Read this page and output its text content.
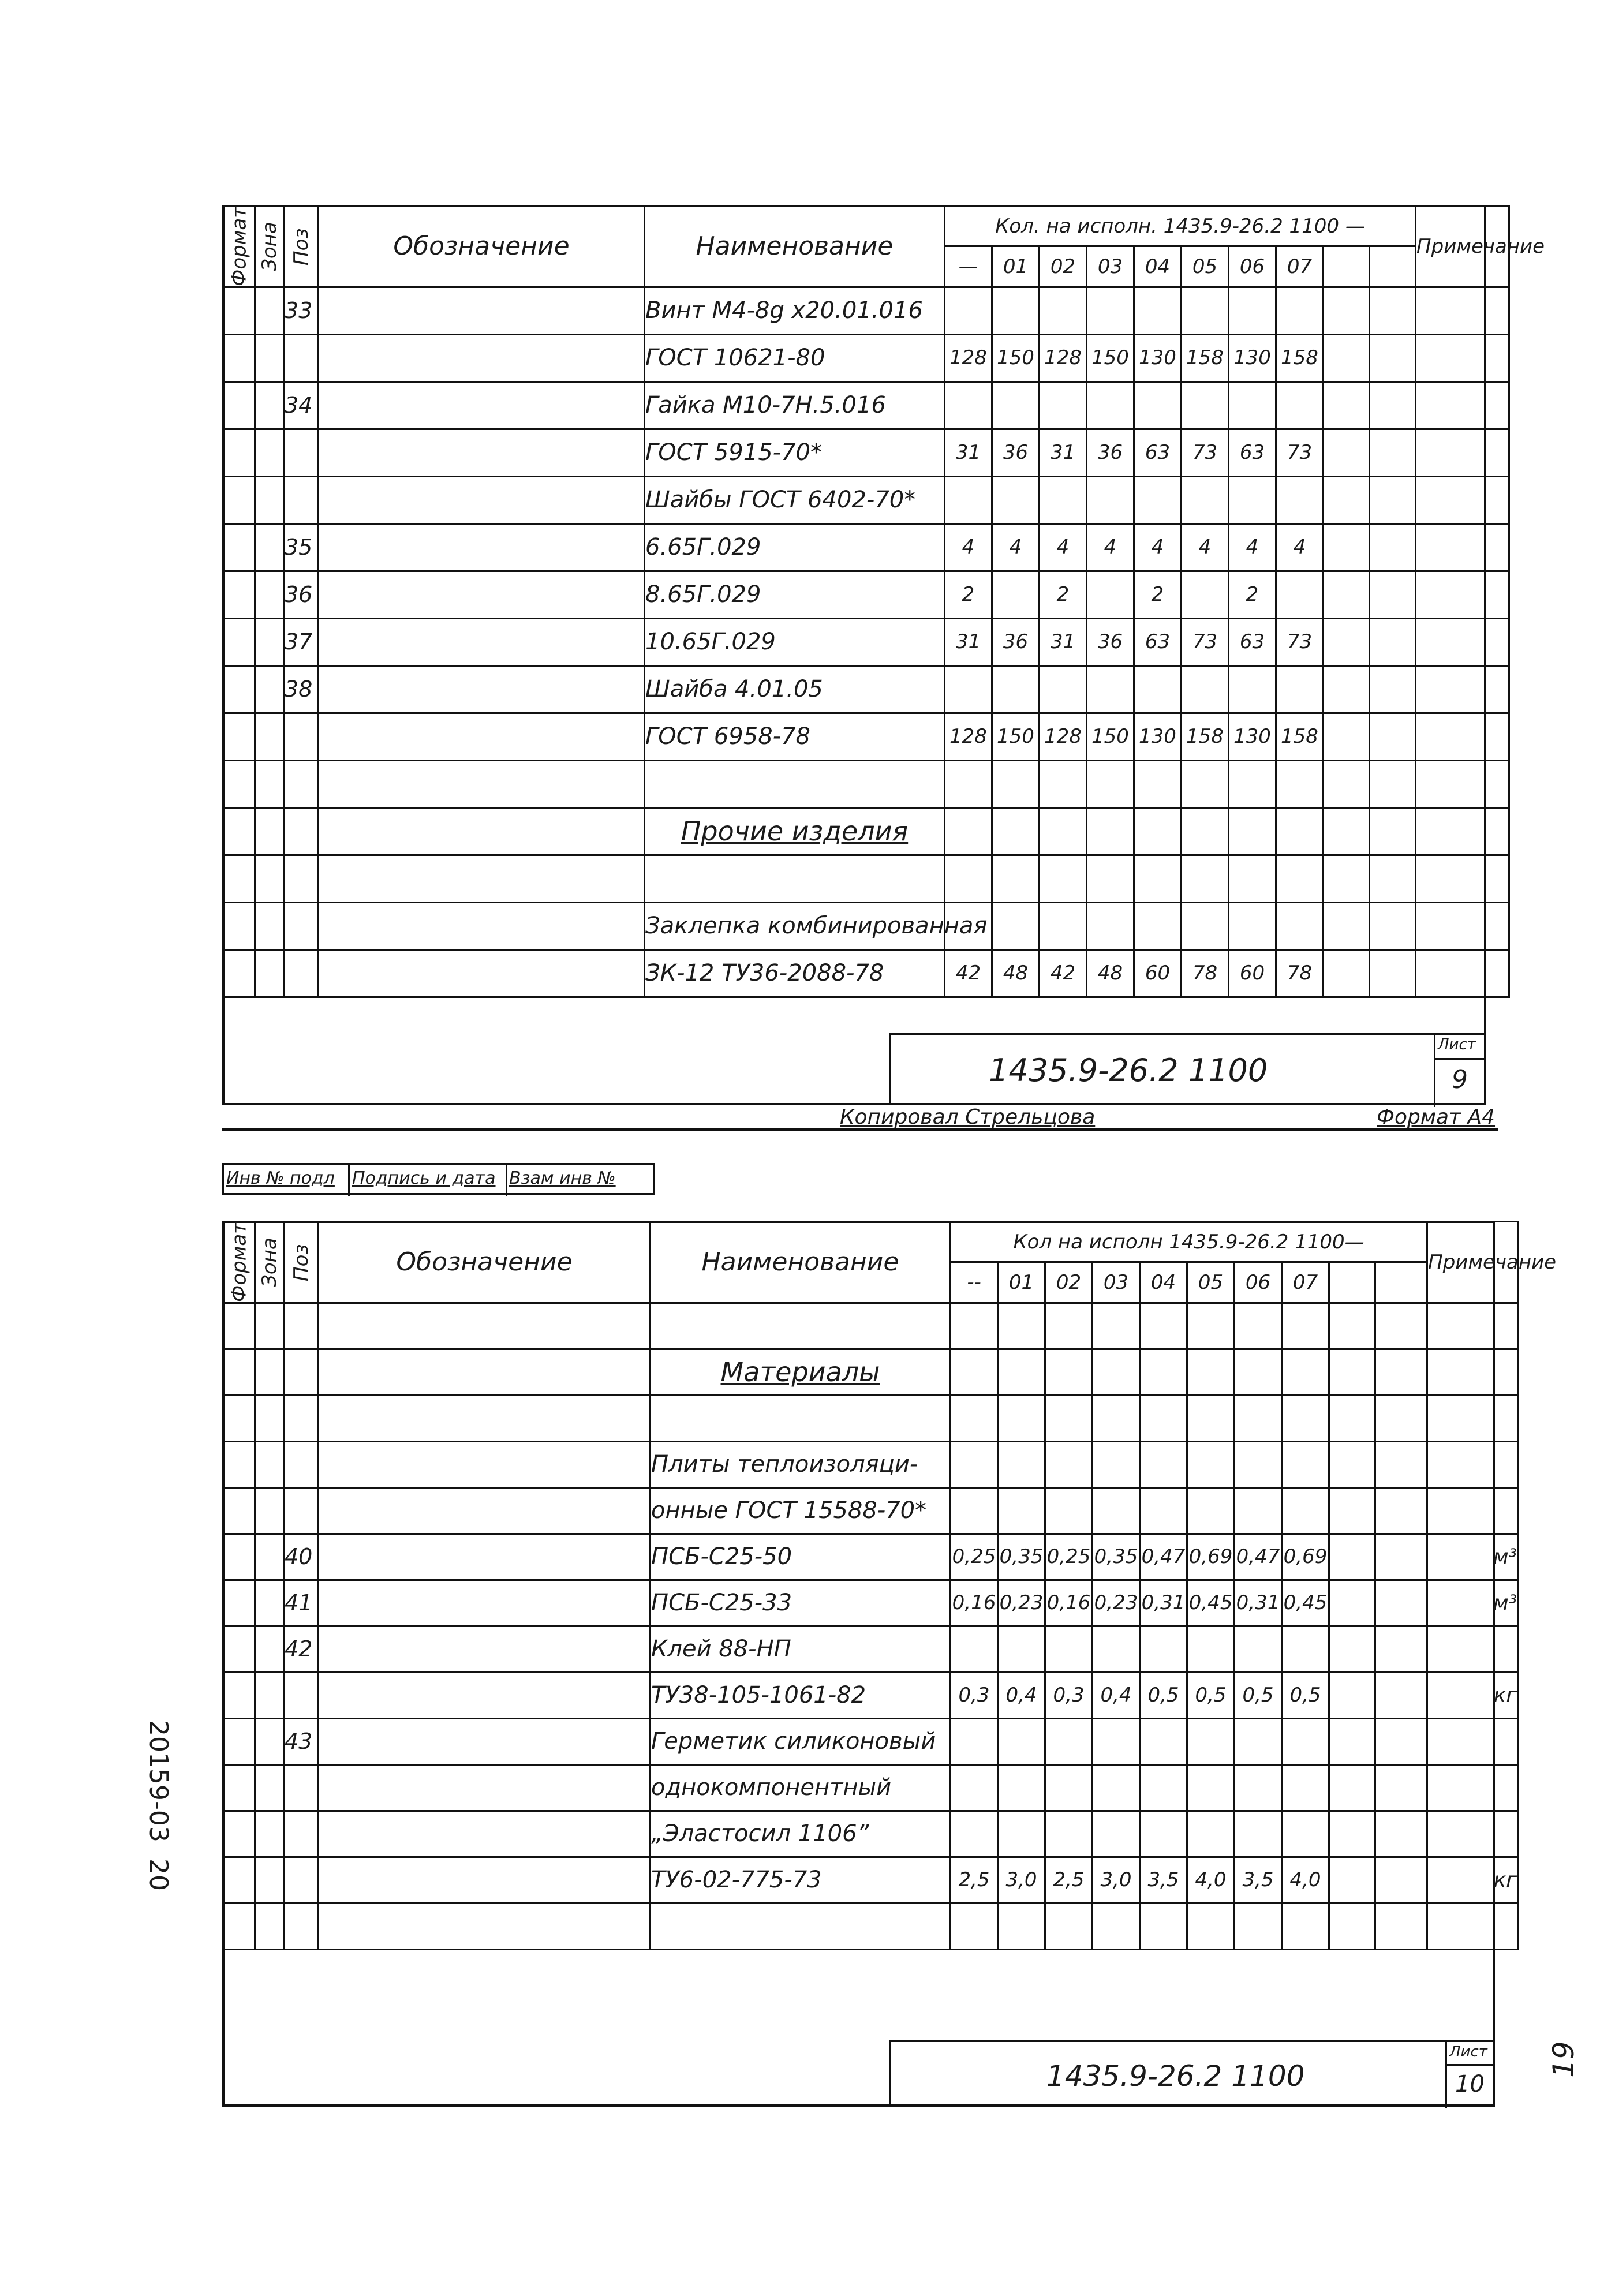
Формат	Зона	Поз	Обозначение	Наименование	Кол. на исполн. 1435.9-26.2 1100 —										Примечание
					—	01	02	03	04	05	06	07			
		33		Винт М4-8g х20.01.016											
				ГОСТ 10621-80	128	150	128	150	130	158	130	158			
		34		Гайка М10-7Н.5.016											
				ГОСТ 5915-70*	31	36	31	36	63	73	63	73			
				Шайбы ГОСТ 6402-70*											
		35		6.65Г.029	4	4	4	4	4	4	4	4			
		36		8.65Г.029	2		2		2		2				
		37		10.65Г.029	31	36	31	36	63	73	63	73			
		38		Шайба 4.01.05											
				ГОСТ 6958-78	128	150	128	150	130	158	130	158			

				Прочие изделия											

				Заклепка комбинированная											
				ЗК-12 ТУ36-2088-78	42	48	42	48	60	78	60	78			
1435.9-26.2 1100
Лист
9
Копировал Стрельцова	Формат А4
Инв № подл Подпись и дата Взам инв №
Формат	Зона	Поз	Обозначение	Наименование	Кол на исполн 1435.9-26.2 1100—										Примечание
					--	01	02	03	04	05	06	07			

				Материалы											

				Плиты теплоизоляци-											
				онные ГОСТ 15588-70*											
		40		ПСБ-С25-50	0,25	0,35	0,25	0,35	0,47	0,69	0,47	0,69			м³
		41		ПСБ-С25-33	0,16	0,23	0,16	0,23	0,31	0,45	0,31	0,45			м³
		42		Клей 88-НП											
				ТУ38-105-1061-82	0,3	0,4	0,3	0,4	0,5	0,5	0,5	0,5			кг
		43		Герметик силиконовый											
				однокомпонентный											
				„Эластосил 1106”											
				ТУ6-02-775-73	2,5	3,0	2,5	3,0	3,5	4,0	3,5	4,0			кг

1435.9-26.2 1100
Лист
10
20159-03
20
19
